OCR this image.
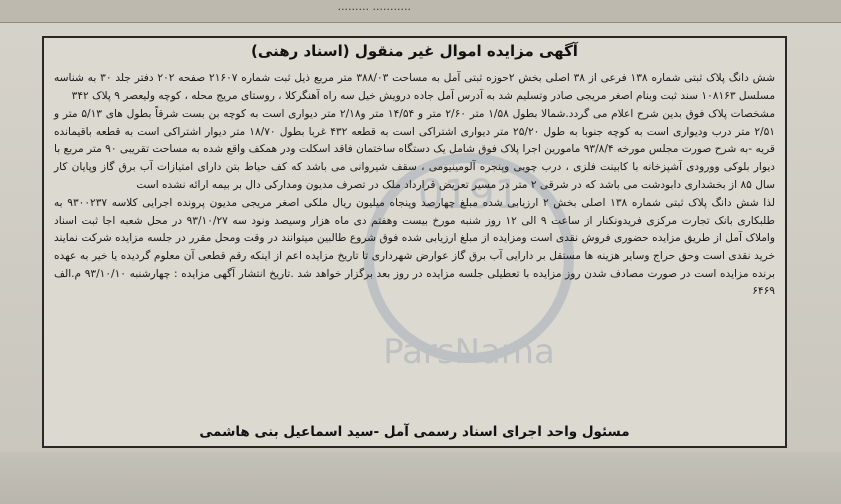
......... ...........
آگهی مزایده اموال غیر منقول (اسناد رهنی)
0191
ParsNama

شش دانگ پلاک ثبتی شماره ۱۳۸ فرعی از ۳۸ اصلی بخش ۲حوزه ثبتی آمل به مساحت ۳۸۸/۰۳ متر مربع ذیل ثبت شماره ۲۱۶۰۷ صفحه ۲۰۲ دفتر جلد ۳۰ به شناسه مسلسل ۱۰۸۱۶۳ سند ثبت وبنام اصغر مریجی صادر وتسلیم شد به آدرس آمل جاده درویش خیل سه راه آهنگرکلا ، روستای مریج محله ، کوچه ولیعصر ۹ پلاک ۳۴۲

مشخصات پلاک فوق بدین شرح اعلام می گردد.شمالا بطول ۱/۵۸ متر ۲/۶۰ متر و ۱۴/۵۴ متر و۲/۱۸ متر دیواری است به کوچه بن بست شرقاً بطول های ۵/۱۳ متر و ۲/۵۱ متر درب ودیواری است به کوچه جنوبا به طول ۲۵/۲۰ متر دیواری اشتراکی است به قطعه ۴۳۲ غربا بطول ۱۸/۷۰ متر دیوار اشتراکی است به قطعه باقیمانده قریه -به شرح صورت مجلس مورخه ۹۳/۸/۴ مامورین اجرا پلاک فوق شامل یک دستگاه ساختمان فاقد اسکلت ودر همکف واقع شده به مساحت تقریبی ۹۰ متر مربع با دیوار بلوکی وورودی آشپزخانه با کابینت فلزی ، درب چوبی وپنجره آلومینیومی ، سقف شیروانی می باشد که کف حیاط بتن دارای امتیازات آب برق گاز وپایان کار سال ۸۵ از بخشداری دابودشت می باشد که در شرقی ۲ متر در مسیر تعریض قرارداد ملک در تصرف مدیون ومدارکی دال بر بیمه ارائه نشده است

لذا شش دانگ پلاک ثبتی شماره ۱۳۸ اصلی بخش ۲ ارزیابی شده مبلغ چهارصد وپنجاه میلیون ریال ملکی اصغر مریجی مدیون پرونده اجرایی کلاسه ۹۳۰۰۲۳۷ به طلبکاری بانک تجارت مرکزی فریدونکنار از ساعت ۹ الی ۱۲ روز شنبه مورخ بیست وهفتم دی ماه هزار وسیصد ونود سه ۹۳/۱۰/۲۷ در محل شعبه اجا ثبت اسناد واملاک آمل از طریق مزایده حضوری فروش نقدی است ومزایده از مبلغ ارزیابی شده فوق شروع طالبین میتوانند در وقت ومحل مقرر در جلسه مزایده شرکت نمایند خرید نقدی است وحق حراج وسایر هزینه ها مستقل بر دارایی آب برق گاز عوارض شهرداری تا تاریخ مزایده اعم از اینکه رقم قطعی آن معلوم گردیده یا خیر به عهده برنده مزایده است در صورت مصادف شدن روز مزایده با تعطیلی جلسه مزایده در روز بعد برگزار خواهد شد .تاریخ انتشار آگهی مزایده : چهارشنبه ۹۳/۱۰/۱۰ م.الف ۶۴۶۹

مسئول واحد اجرای اسناد رسمی آمل -سید اسماعیل بنی هاشمی
